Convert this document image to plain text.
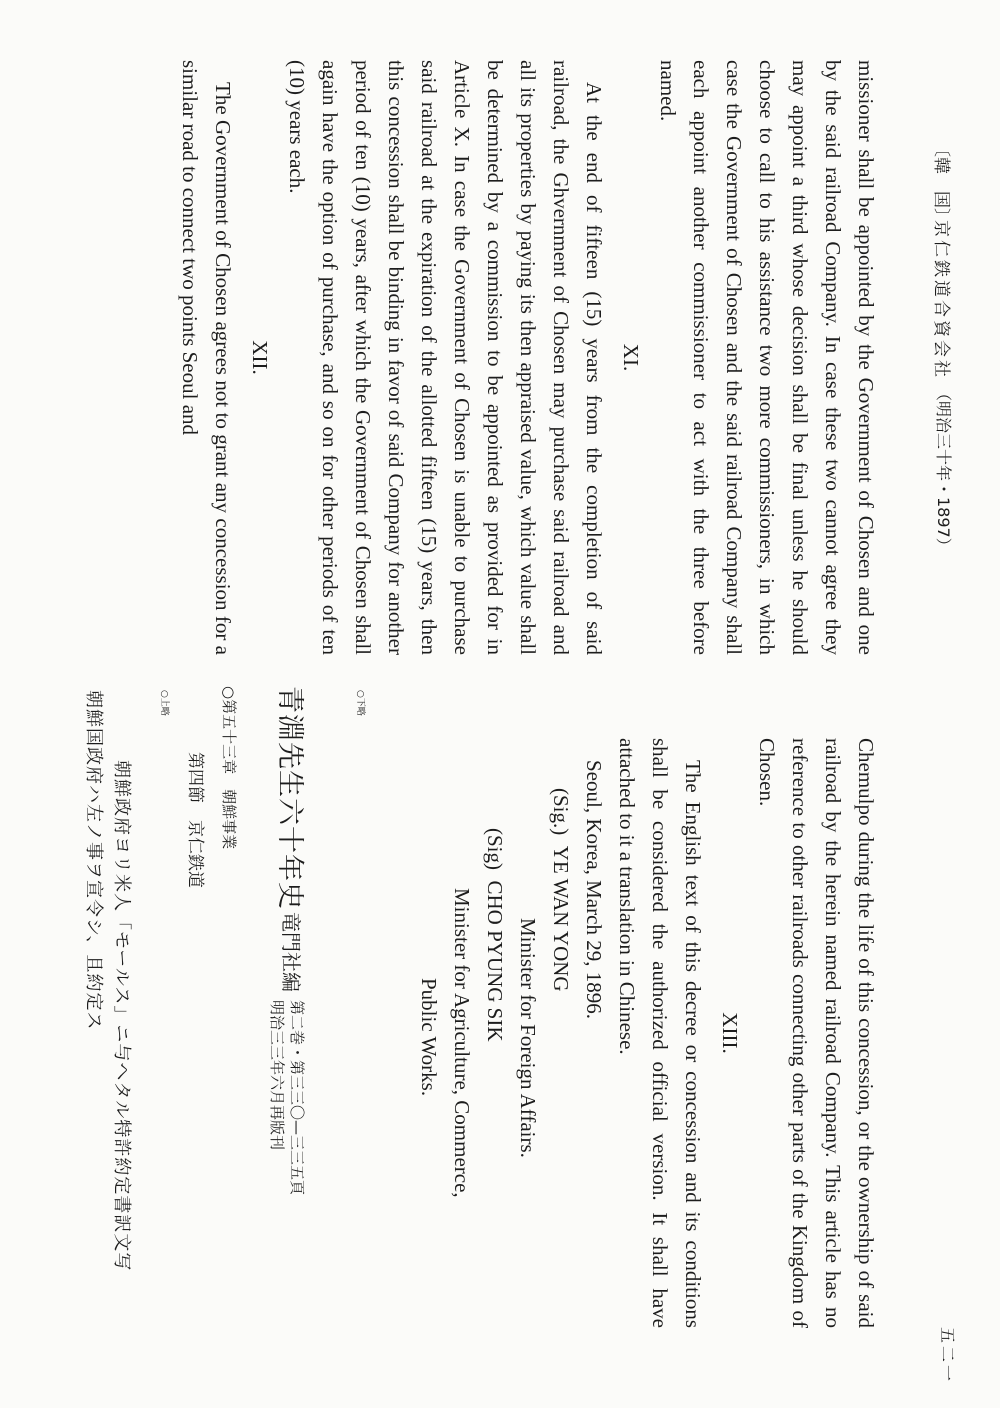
〔韓　国〕
京仁鉄道合資会社
（明治三十年・1897）

missioner shall be appointed by the Government of Chosen and one by the said railroad Company. In case these two cannot agree they may appoint a third whose decision shall be final unless he should choose to call to his assistance two more commissioners, in which case the Government of Chosen and the said railroad Company shall each appoint another commissioner to act with the three before named.

XI.

At the end of fifteen (15) years from the completion of said railroad, the Ghvernment of Chosen may purchase said railroad and all its properties by paying its then appraised value, which value shall be determined by a commission to be appointed as provided for in Article X. In case the Government of Chosen is unable to purchase said railroad at the expiration of the allotted fifteen (15) years, then this concession shall be binding in favor of said Company for another period of ten (10) years, after which the Government of Chosen shall again have the option of purchase, and so on for other periods of ten (10) years each.

XII.

The Government of Chosen agrees not to grant any concession for a similar road to connect two points Seoul and

Chemulpo during the life of this concession, or the ownership of said railroad by the herein named railroad Company. This article has no reference to other railroads connecting other parts of the Kingdom of Chosen.

XIII.

The English text of this decree or concession and its conditions shall be considered the authorized official version. It shall have attached to it a translation in Chinese.

Seoul, Korea, March 29, 1896.

(Sig.)  YE WAN YONG

Minister for Foreign Affairs.

(Sig)  CHO PYUNG SIK

Minister for Agriculture, Commerce,

Public Works.

○下略
青淵先生六十年史
竜門社編
第二巻・第三三〇—三三五頁
明治三三年六月再版刊
○第五十三章　朝鮮事業
第四節　京仁鉄道
○上略
朝鮮政府ヨリ米人「モールス」ニ与ヘタル特許約定書訳文写
朝鮮国政府ハ左ノ事ヲ宣令シ、且約定ス
五二一
